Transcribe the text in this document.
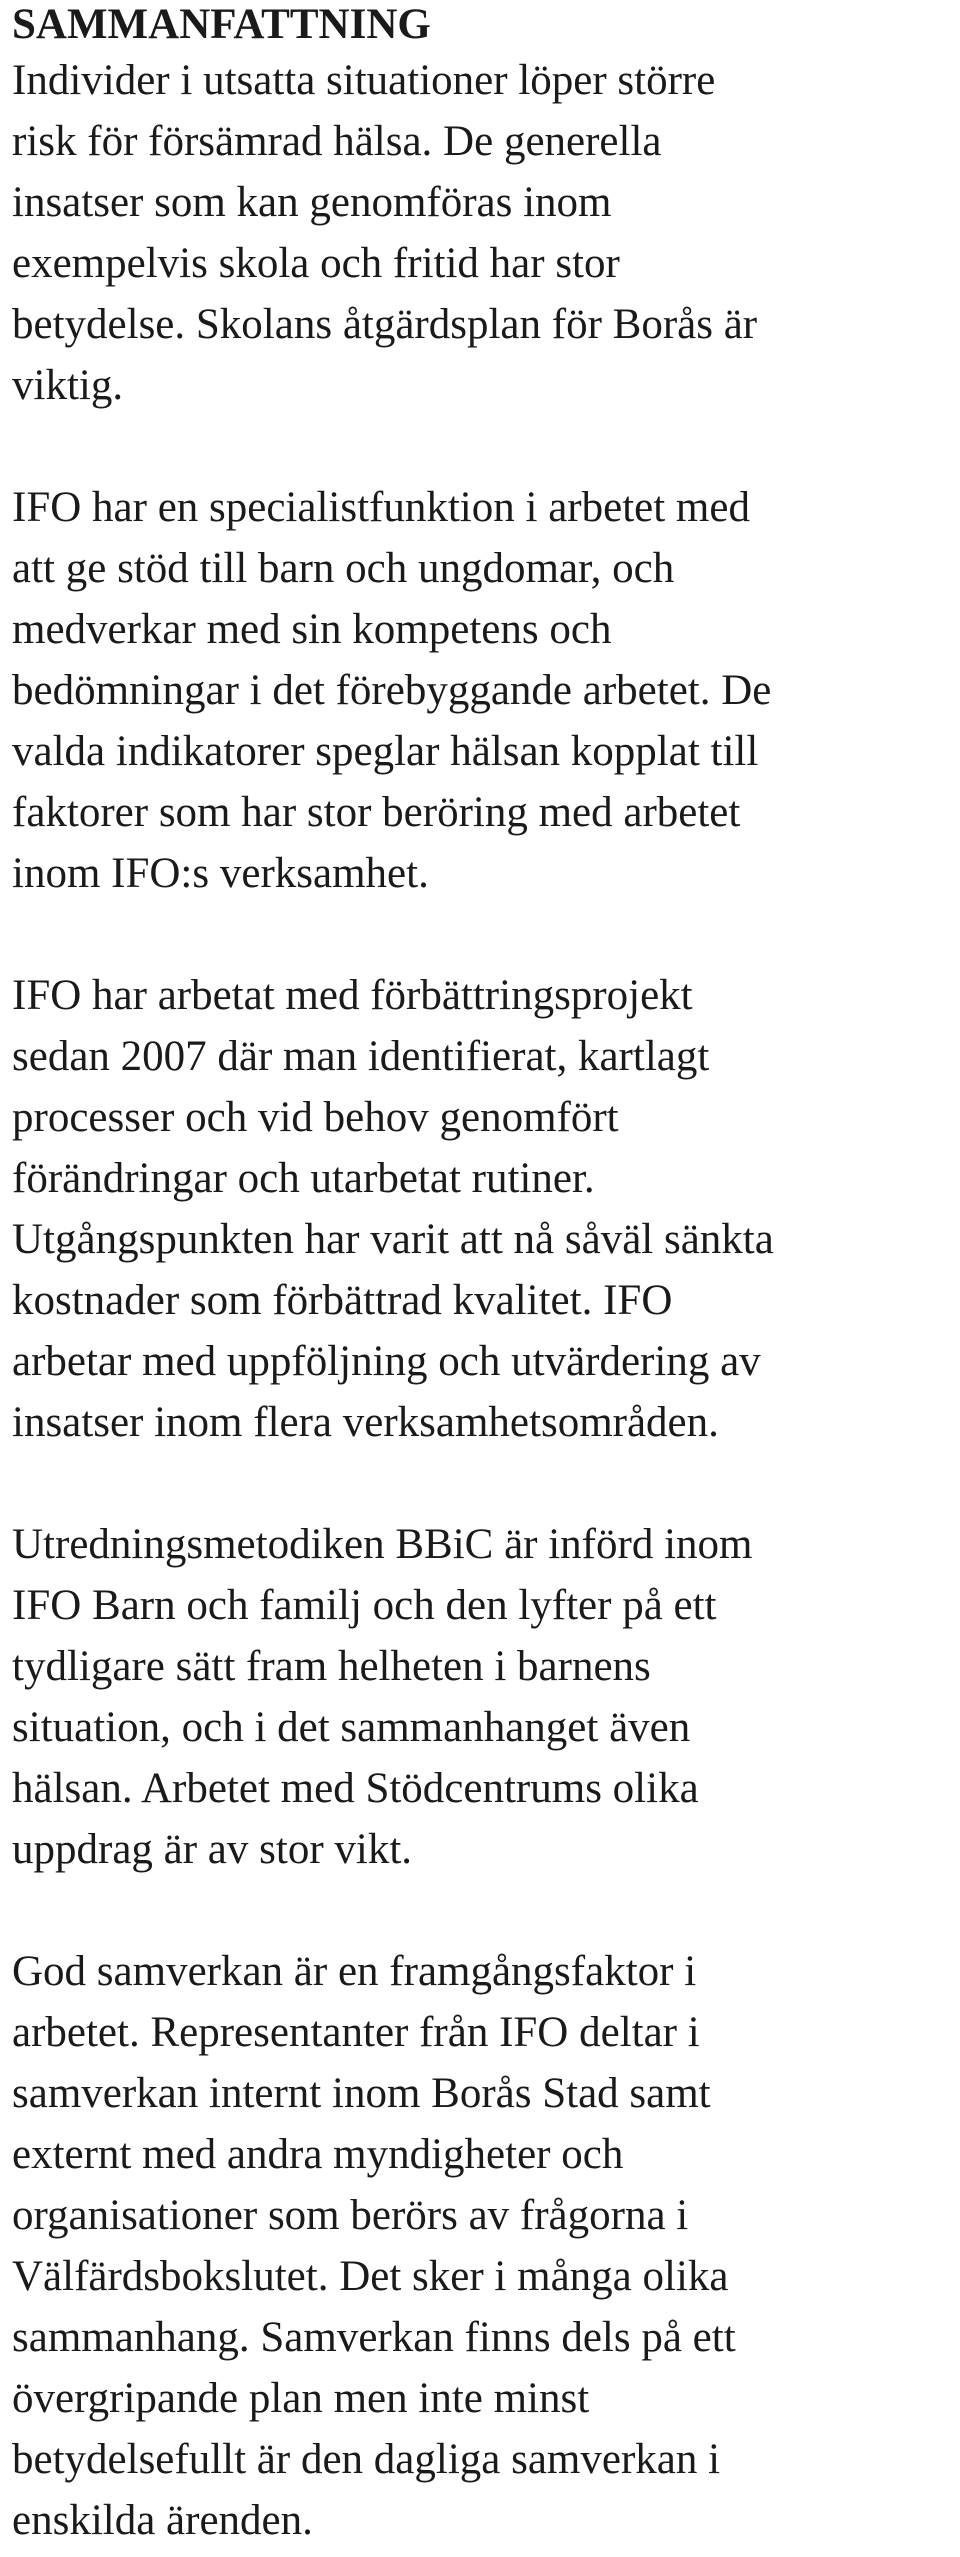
SAMMANFATTNING
Individer i utsatta situationer löper större
risk för försämrad hälsa. De generella
insatser som kan genomföras inom
exempelvis skola och fritid har stor
betydelse. Skolans åtgärdsplan för Borås är
viktig.
IFO har en specialistfunktion i arbetet med
att ge stöd till barn och ungdomar, och
medverkar med sin kompetens och
bedömningar i det förebyggande arbetet. De
valda indikatorer speglar hälsan kopplat till
faktorer som har stor beröring med arbetet
inom IFO:s verksamhet.
IFO har arbetat med förbättringsprojekt
sedan 2007 där man identifierat, kartlagt
processer och vid behov genomfört
förändringar och utarbetat rutiner.
Utgångspunkten har varit att nå såväl sänkta
kostnader som förbättrad kvalitet. IFO
arbetar med uppföljning och utvärdering av
insatser inom flera verksamhetsområden.
Utredningsmetodiken BBiC är införd inom
IFO Barn och familj och den lyfter på ett
tydligare sätt fram helheten i barnens
situation, och i det sammanhanget även
hälsan. Arbetet med Stödcentrums olika
uppdrag är av stor vikt.
God samverkan är en framgångsfaktor i
arbetet. Representanter från IFO deltar i
samverkan internt inom Borås Stad samt
externt med andra myndigheter och
organisationer som berörs av frågorna i
Välfärdsbokslutet. Det sker i många olika
sammanhang. Samverkan finns dels på ett
övergripande plan men inte minst
betydelsefullt är den dagliga samverkan i
enskilda ärenden.
